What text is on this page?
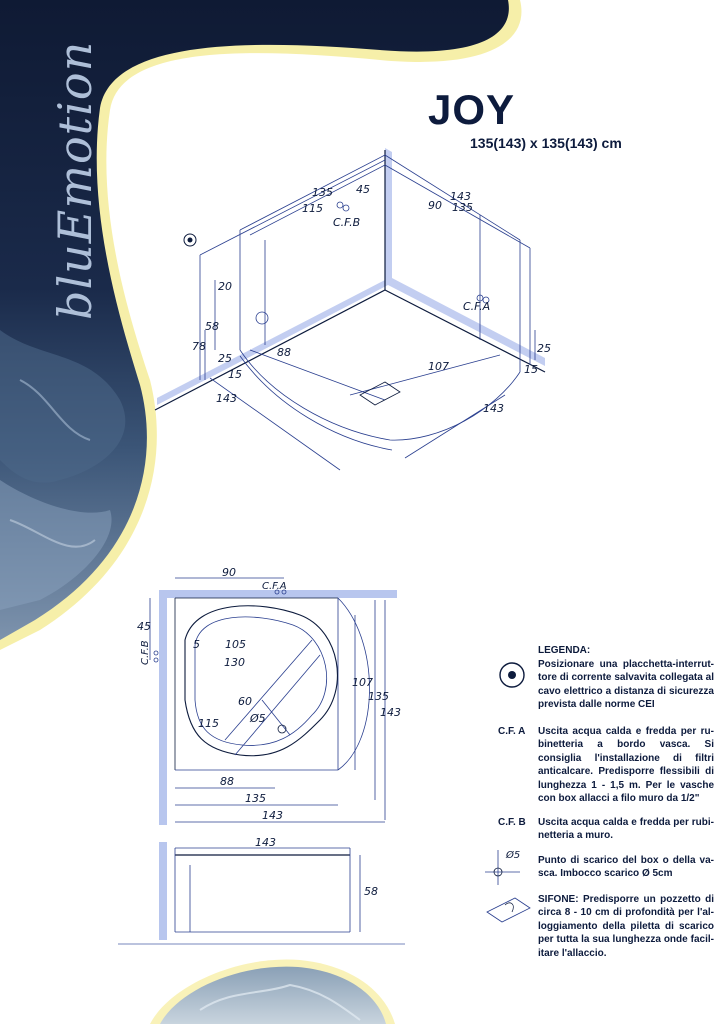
bluEmotion	JOY
135(143) x 135(143) cm
135
115
45
143
135
90
C.F.B
C.F.A
20
58
78
25
25
88
107
15	15
143
143
90
C.F.A
C.F.B
45
5 105
130
60
115	Ø5
107
135
143
88
135
143
143
58
Ø5
LEGENDA:
Posizionare una placchetta-interrut-tore di corrente salvavita collegata al cavo elettrico a distanza di sicurezza prevista dalle norme CEI
C.F. A	Uscita acqua calda e fredda per ru-binetteria a bordo vasca. Si consiglia l'installazione di filtri anticalcare. Predisporre flessibili di lunghezza 1 - 1,5 m. Per le vasche con box allacci a filo muro da 1/2"
C.F. B	Uscita acqua calda e fredda per rubi-netteria a muro.
Punto di scarico del box o della va-sca. Imbocco scarico Ø 5cm
SIFONE: Predisporre un pozzetto di circa 8 - 10 cm di profondità per l'al-loggiamento della piletta di scarico per tutta la sua lunghezza onde facil-itare l'allaccio.
